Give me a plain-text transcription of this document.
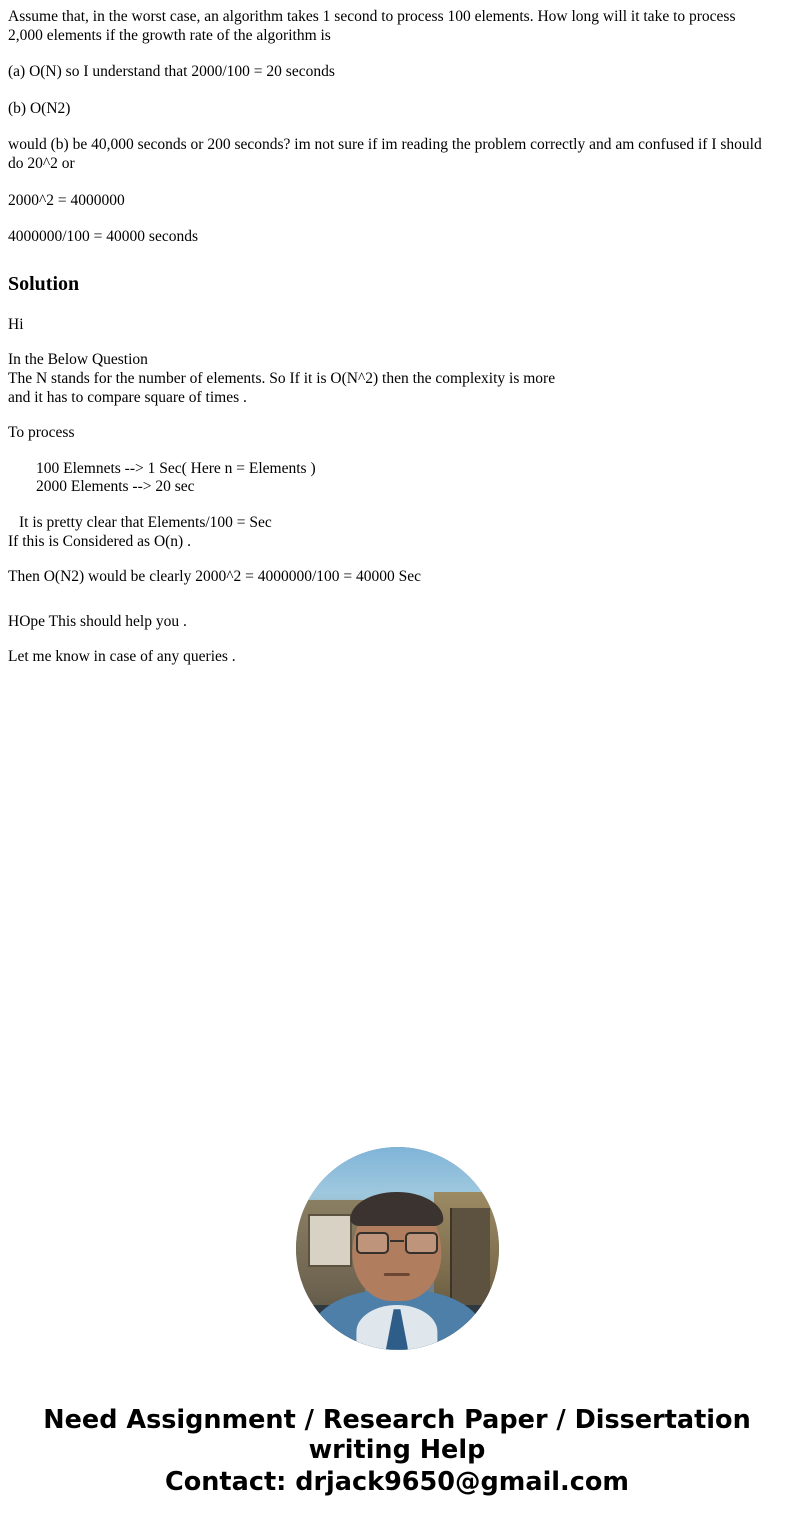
Assume that, in the worst case, an algorithm takes 1 second to process 100 elements. How long will it take to process 2,000 elements if the growth rate of the algorithm is

(a) O(N) so I understand that 2000/100 = 20 seconds

(b) O(N2)

would (b) be 40,000 seconds or 200 seconds? im not sure if im reading the problem correctly and am confused if I should do 20^2 or

2000^2 = 4000000

4000000/100 = 40000 seconds

Solution

Hi

In the Below Question
The N stands for the number of elements. So If it is O(N^2) then the complexity is more
and it has to compare square of times .

To process

100 Elemnets --> 1 Sec( Here n = Elements )
2000 Elements --> 20 sec

It is pretty clear that Elements/100 = Sec
If this is Considered as O(n) .

Then O(N2) would be clearly 2000^2 = 4000000/100 = 40000 Sec

HOpe This should help you .

Let me know in case of any queries .

Need Assignment / Research Paper / Dissertation
writing Help
Contact: drjack9650@gmail.com
